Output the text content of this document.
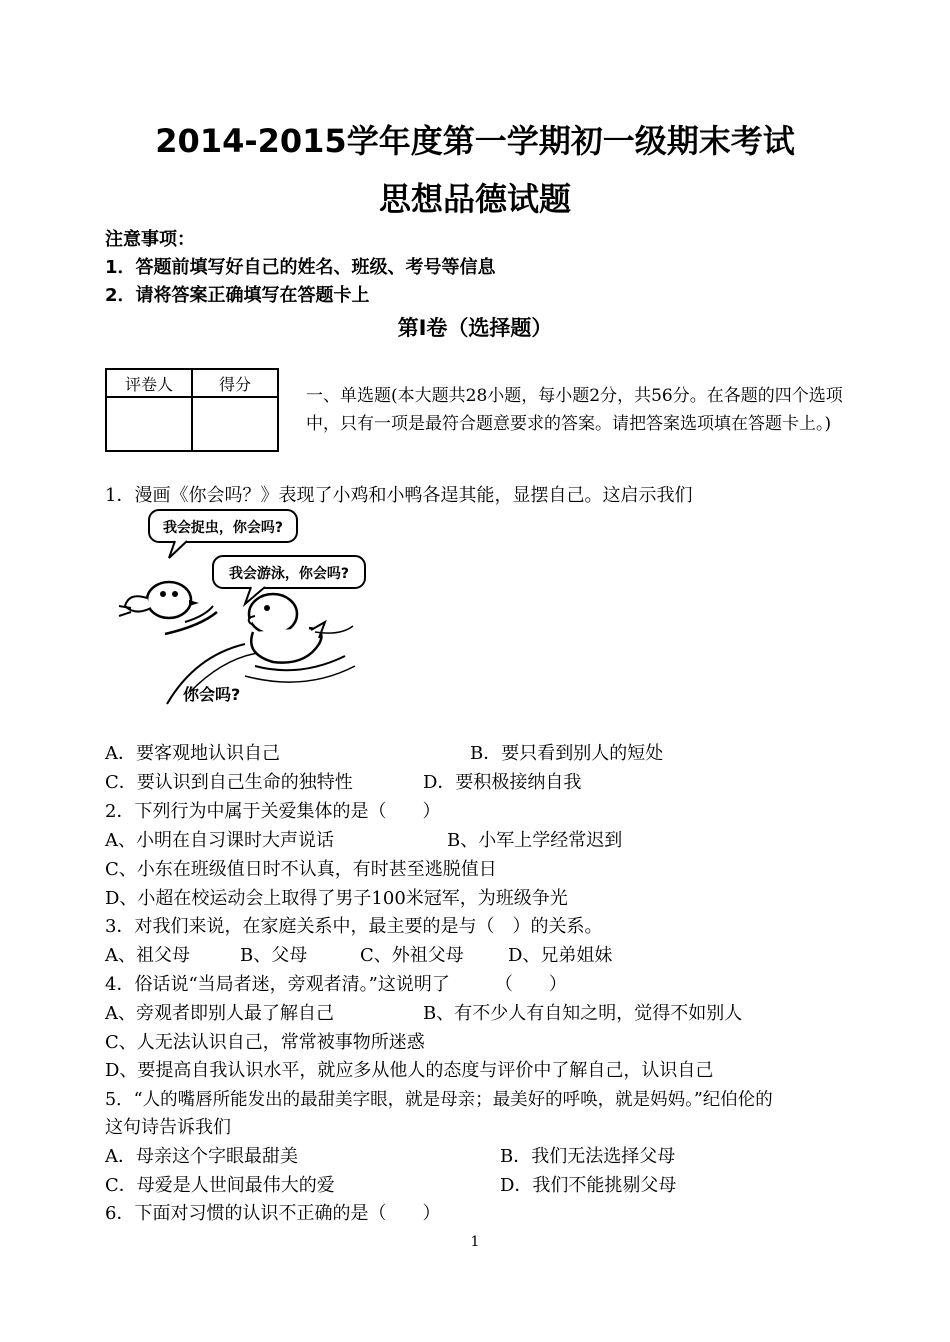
2014-2015学年度第一学期初一级期末考试
思想品德试题
注意事项：
1．答题前填写好自己的姓名、班级、考号等信息
2．请将答案正确填写在答题卡上
第I卷（选择题）
评卷人	得分

一、单选题(本大题共28小题，每小题2分，共56分。在各题的四个选项中，只有一项是最符合题意要求的答案。请把答案选项填在答题卡上。)
1．漫画《你会吗？》表现了小鸡和小鸭各逞其能，显摆自己。这启示我们
我会捉虫，你会吗?
我会游泳，你会吗?
你会吗?
A．要客观地认识自己	B．要只看到别人的短处
C．要认识到自己生命的独特性	D．要积极接纳自我
2．下列行为中属于关爱集体的是（　　）
A、小明在自习课时大声说话	B、小军上学经常迟到
C、小东在班级值日时不认真，有时甚至逃脱值日
D、小超在校运动会上取得了男子100米冠军，为班级争光
3．对我们来说，在家庭关系中，最主要的是与（　）的关系。
A、祖父母	B、父母	C、外祖父母 D、兄弟姐妹
4．俗话说“当局者迷，旁观者清。”这说明了　　　（　　）
A、旁观者即别人最了解自己	B、有不少人有自知之明，觉得不如别人
C、人无法认识自己，常常被事物所迷惑
D、要提高自我认识水平，就应多从他人的态度与评价中了解自己，认识自己
5．“人的嘴唇所能发出的最甜美字眼，就是母亲；最美好的呼唤，就是妈妈。”纪伯伦的
这句诗告诉我们
A．母亲这个字眼最甜美	B．我们无法选择父母
C．母爱是人世间最伟大的爱	D．我们不能挑剔父母
6．下面对习惯的认识不正确的是（　　）
1
